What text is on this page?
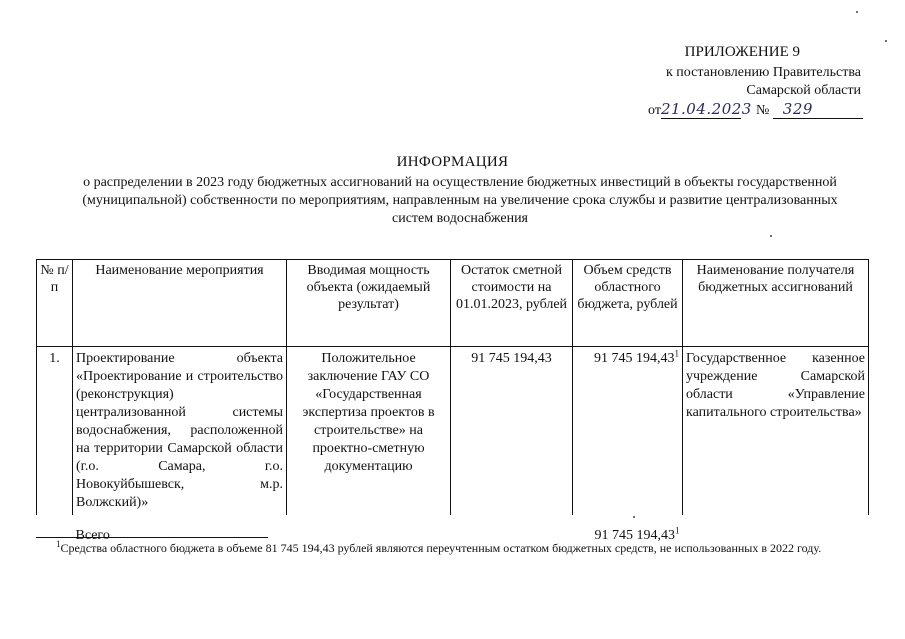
ПРИЛОЖЕНИЕ 9
к постановлению Правительства
Самарской области
от21.04.2023 № 329
ИНФОРМАЦИЯ
о распределении в 2023 году бюджетных ассигнований на осуществление бюджетных инвестиций в объекты государственной (муниципальной) собственности по мероприятиям, направленным на увеличение срока службы и развитие централизованных систем водоснабжения
№ п/п	Наименование мероприятия	Вводимая мощность объекта (ожидаемый результат)	Остаток сметной стоимости на 01.01.2023, рублей	Объем средств областного бюджета, рублей	Наименование получателя бюджетных ассигнований
1.	Проектирование объекта «Проектирование и строительство (реконструкция) централизованной системы водоснабжения, расположенной на территории Самарской области (г.о. Самара, г.о. Новокуйбышевск, м.р. Волжский)»	Положительное заключение ГАУ СО «Государственная экспертиза проектов в строительстве» на проектно-сметную документацию	91 745 194,43	91 745 194,43$^1$	Государственное казенное учреждение Самарской области «Управление капитального строительства»
	Всего			91 745 194,43$^1$	
$^1$Средства областного бюджета в объеме 81 745 194,43 рублей являются переучтенным остатком бюджетных средств, не использованных в 2022 году.
